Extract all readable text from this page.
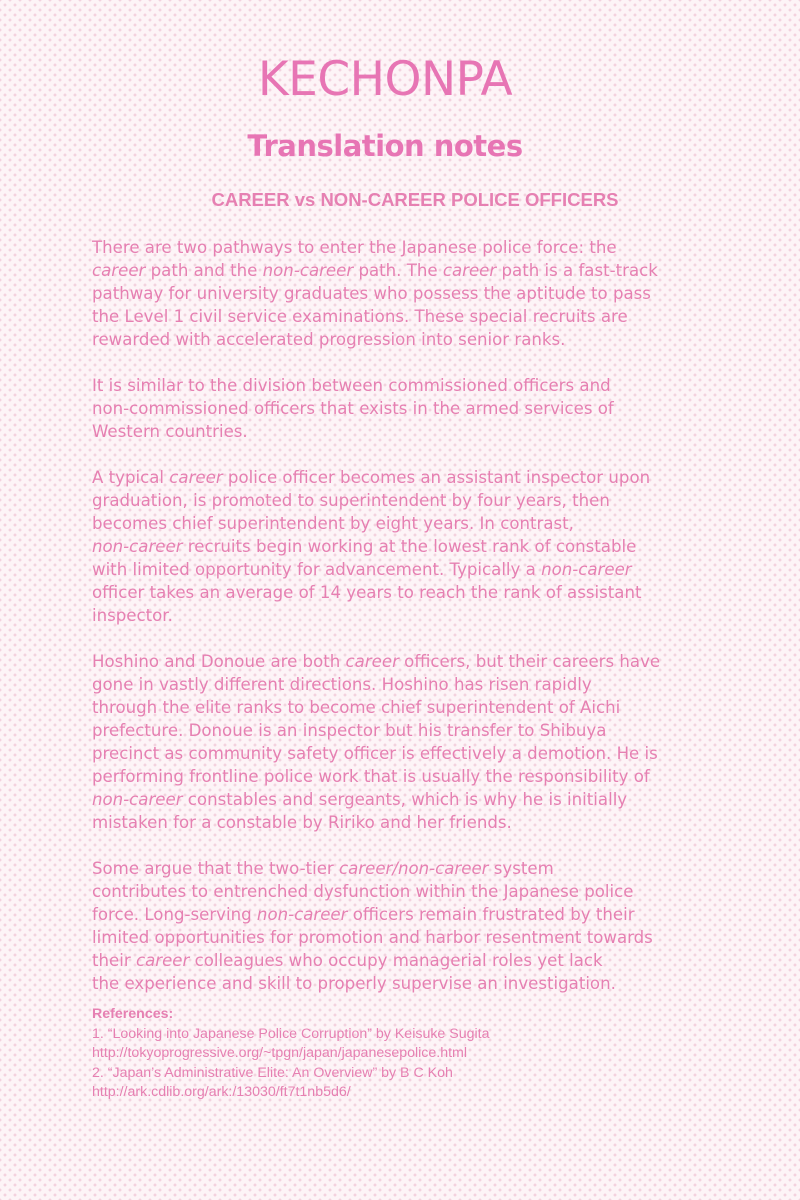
KECHONPA
Translation notes
CAREER vs NON-CAREER POLICE OFFICERS

There are two pathways to enter the Japanese police force: the
career path and the non-career path. The career path is a fast-track
pathway for university graduates who possess the aptitude to pass
the Level 1 civil service examinations. These special recruits are
rewarded with accelerated progression into senior ranks.

It is similar to the division between commissioned officers and
non-commissioned officers that exists in the armed services of
Western countries.

A typical career police officer becomes an assistant inspector upon
graduation, is promoted to superintendent by four years, then
becomes chief superintendent by eight years. In contrast,
non-career recruits begin working at the lowest rank of constable
with limited opportunity for advancement. Typically a non-career
officer takes an average of 14 years to reach the rank of assistant
inspector.

Hoshino and Donoue are both career officers, but their careers have
gone in vastly different directions. Hoshino has risen rapidly
through the elite ranks to become chief superintendent of Aichi
prefecture. Donoue is an inspector but his transfer to Shibuya
precinct as community safety officer is effectively a demotion. He is
performing frontline police work that is usually the responsibility of
non-career constables and sergeants, which is why he is initially
mistaken for a constable by Ririko and her friends.

Some argue that the two-tier career/non-career system
contributes to entrenched dysfunction within the Japanese police
force. Long-serving non-career officers remain frustrated by their
limited opportunities for promotion and harbor resentment towards
their career colleagues who occupy managerial roles yet lack
the experience and skill to properly supervise an investigation.

References:
1. “Looking into Japanese Police Corruption” by Keisuke Sugita
http://tokyoprogressive.org/~tpgn/japan/japanesepolice.html
2. “Japan’s Administrative Elite: An Overview” by B C Koh
http://ark.cdlib.org/ark:/13030/ft7t1nb5d6/
